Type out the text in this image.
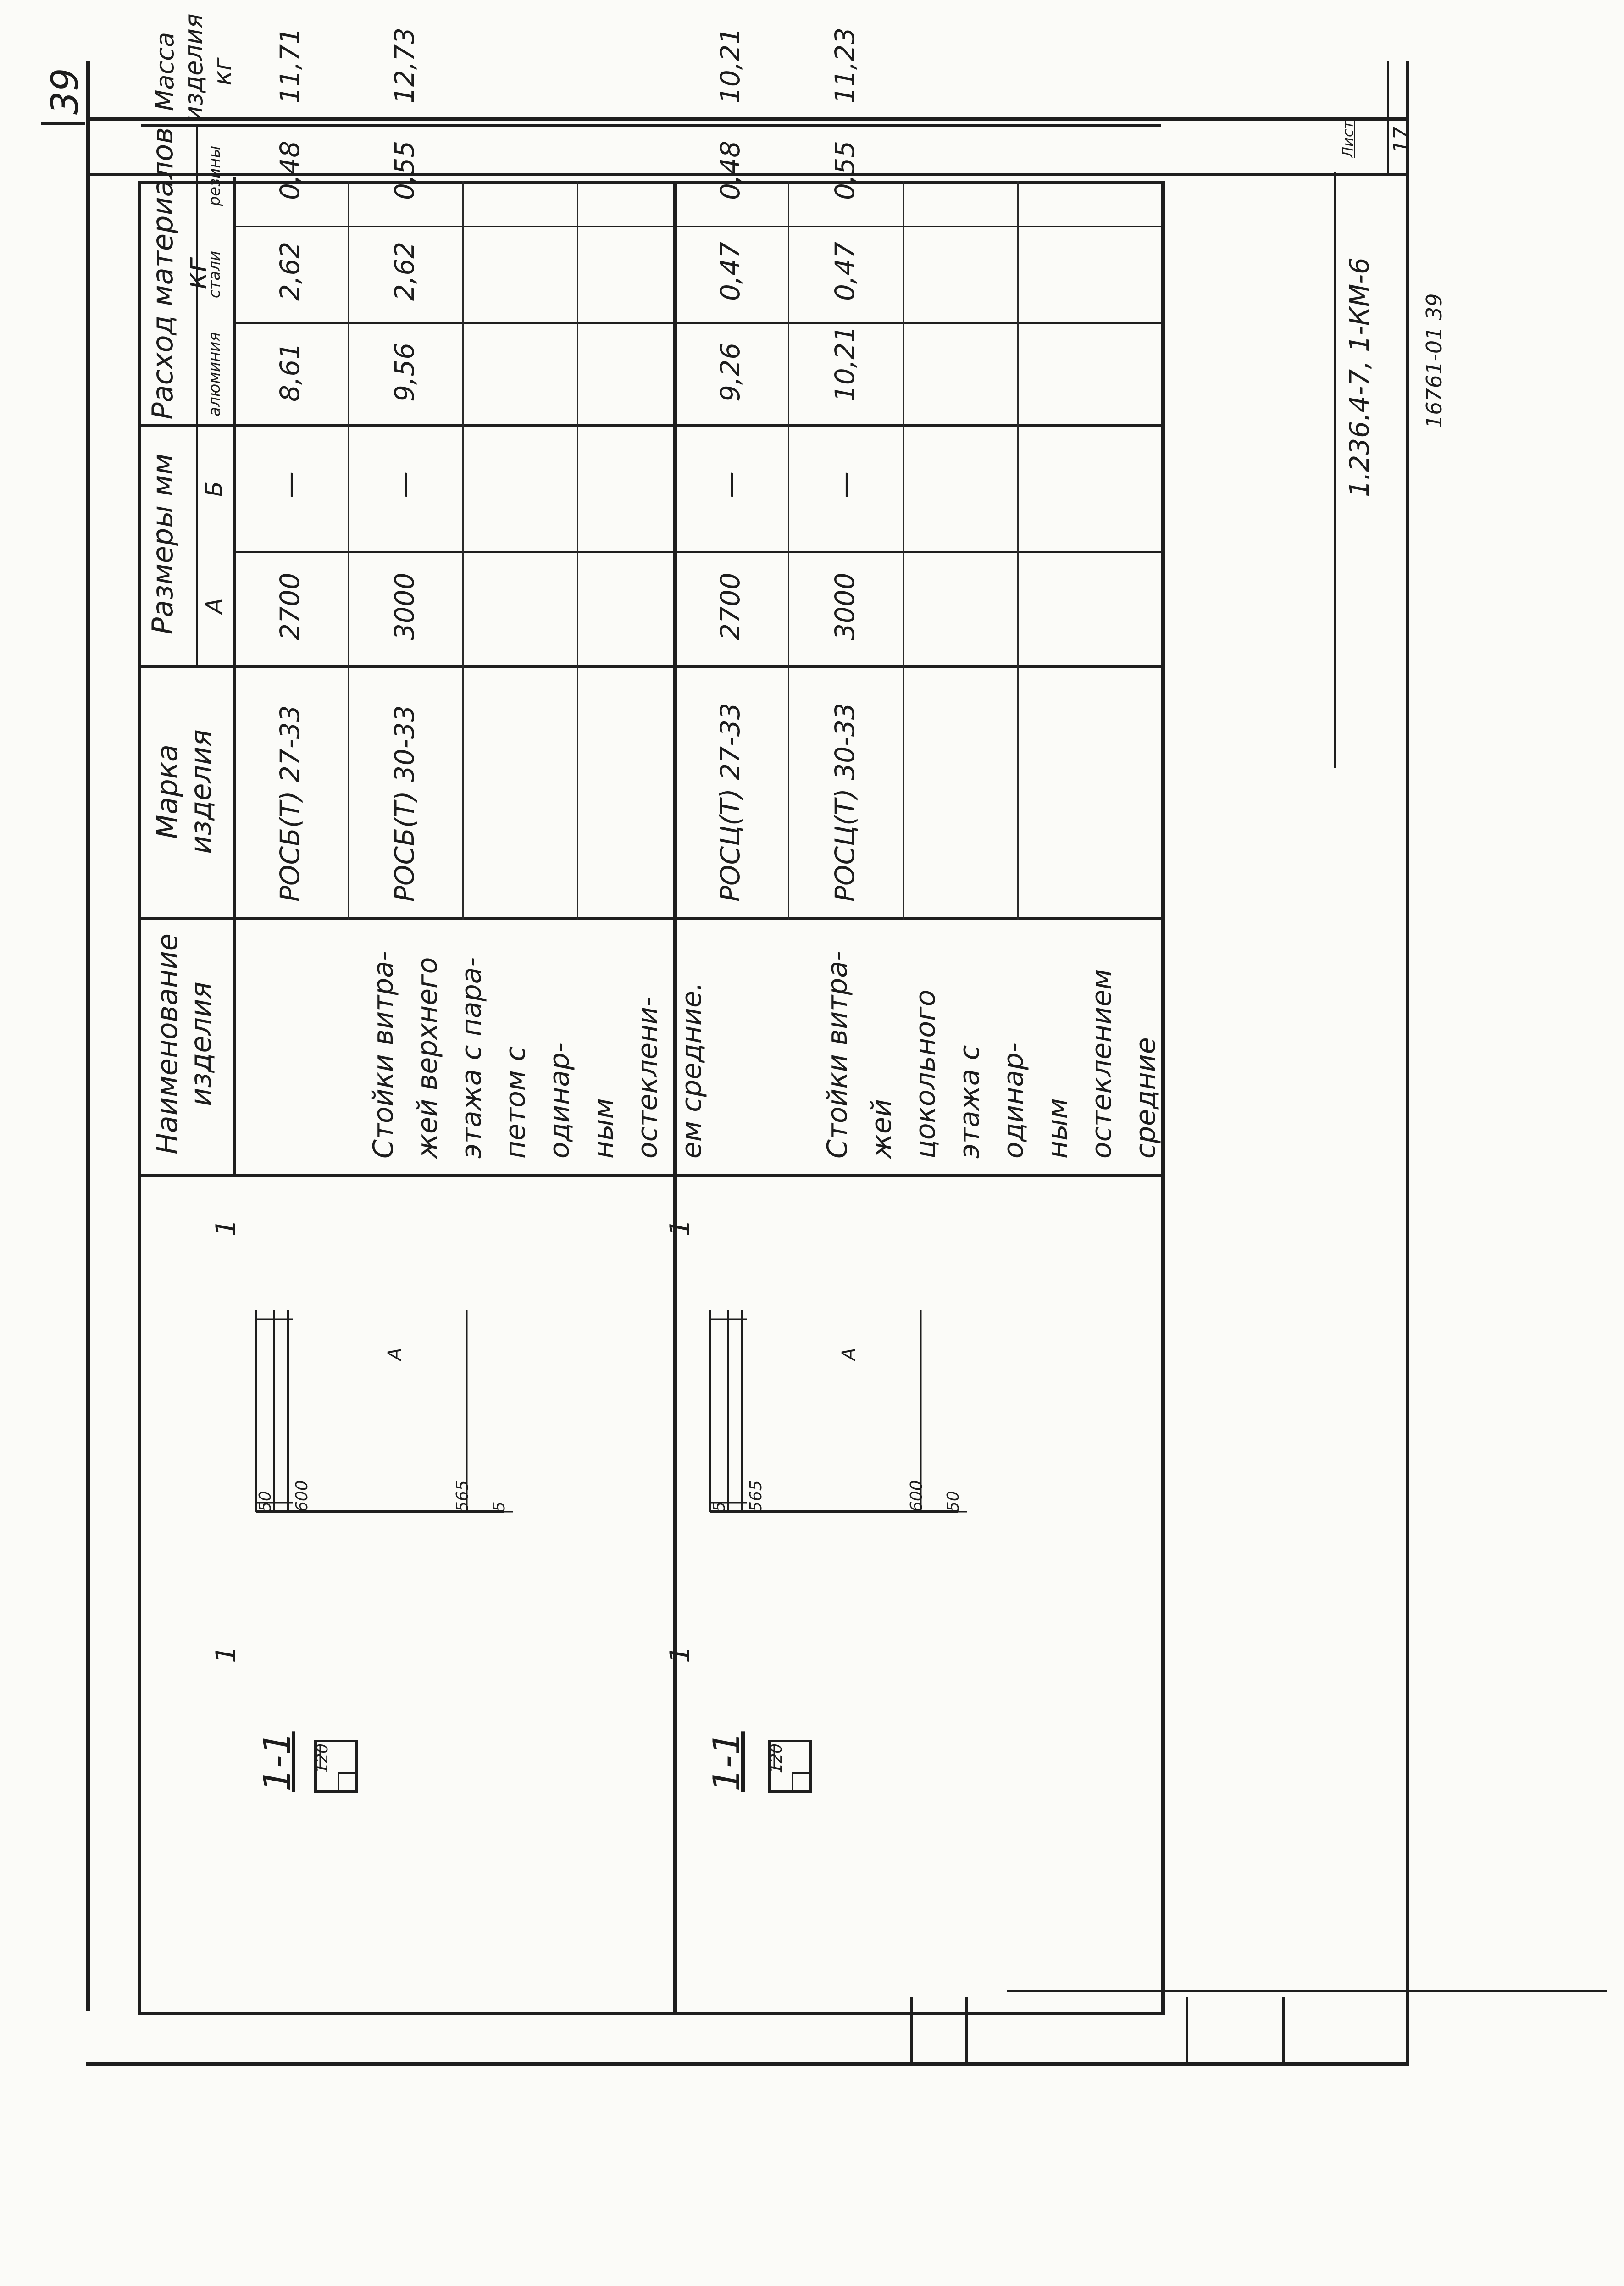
39
1.236.4-7, 1-КМ-6 16761-01 39
Лист 17
Наименование изделия
Марка изделия
Размеры мм А
Б
Расход материалов кг
алюминия
стали
резины
Масса изделия кг
Стойки витра- жей верхнего этажа с пара- петом с одинар- ным остеклени- ем средние.
РОСБ(Т) 27-33
2700
—
8,61
2,62
0,48
11,71
РОСБ(Т) 30-33
3000
—
9,56
2,62
0,55
12,73
Стойки витра- жей цокольного этажа с одинар- ным остеклением средние
РОСЦ(Т) 27-33
2700
—
9,26
0,47
0,48
10,21
РОСЦ(Т) 30-33
3000
—
10,21
0,47
0,55
11,23
1-1 120
50 600	565 5
А
1
1
1-1 120
5 565	600 50
А
1
1
